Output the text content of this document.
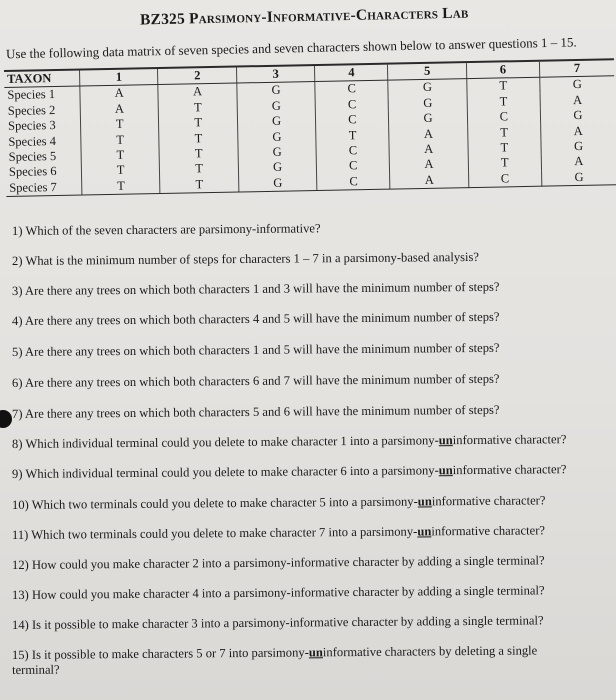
BZ325 Parsimony-Informative-Characters Lab
Use the following data matrix of seven species and seven characters shown below to answer questions 1 – 15.
TAXON	1	2	3	4	5	6	7
Species 1	A	A	G	C	G	T	G
Species 2	A	T	G	C	G	T	A
Species 3	T	T	G	C	G	C	G
Species 4	T	T	G	T	A	T	A
Species 5	T	T	G	C	A	T	G
Species 6	T	T	G	C	A	T	A
Species 7	T	T	G	C	A	C	G
1) Which of the seven characters are parsimony-informative?
2) What is the minimum number of steps for characters 1 – 7 in a parsimony-based analysis?
3) Are there any trees on which both characters 1 and 3 will have the minimum number of steps?
4) Are there any trees on which both characters 4 and 5 will have the minimum number of steps?
5) Are there any trees on which both characters 1 and 5 will have the minimum number of steps?
6) Are there any trees on which both characters 6 and 7 will have the minimum number of steps?
7) Are there any trees on which both characters 5 and 6 will have the minimum number of steps?
8) Which individual terminal could you delete to make character 1 into a parsimony-uninformative character?
9) Which individual terminal could you delete to make character 6 into a parsimony-uninformative character?
10) Which two terminals could you delete to make character 5 into a parsimony-uninformative character?
11) Which two terminals could you delete to make character 7 into a parsimony-uninformative character?
12) How could you make character 2 into a parsimony-informative character by adding a single terminal?
13) How could you make character 4 into a parsimony-informative character by adding a single terminal?
14) Is it possible to make character 3 into a parsimony-informative character by adding a single terminal?
15) Is it possible to make characters 5 or 7 into parsimony-uninformative characters by deleting a single terminal?
